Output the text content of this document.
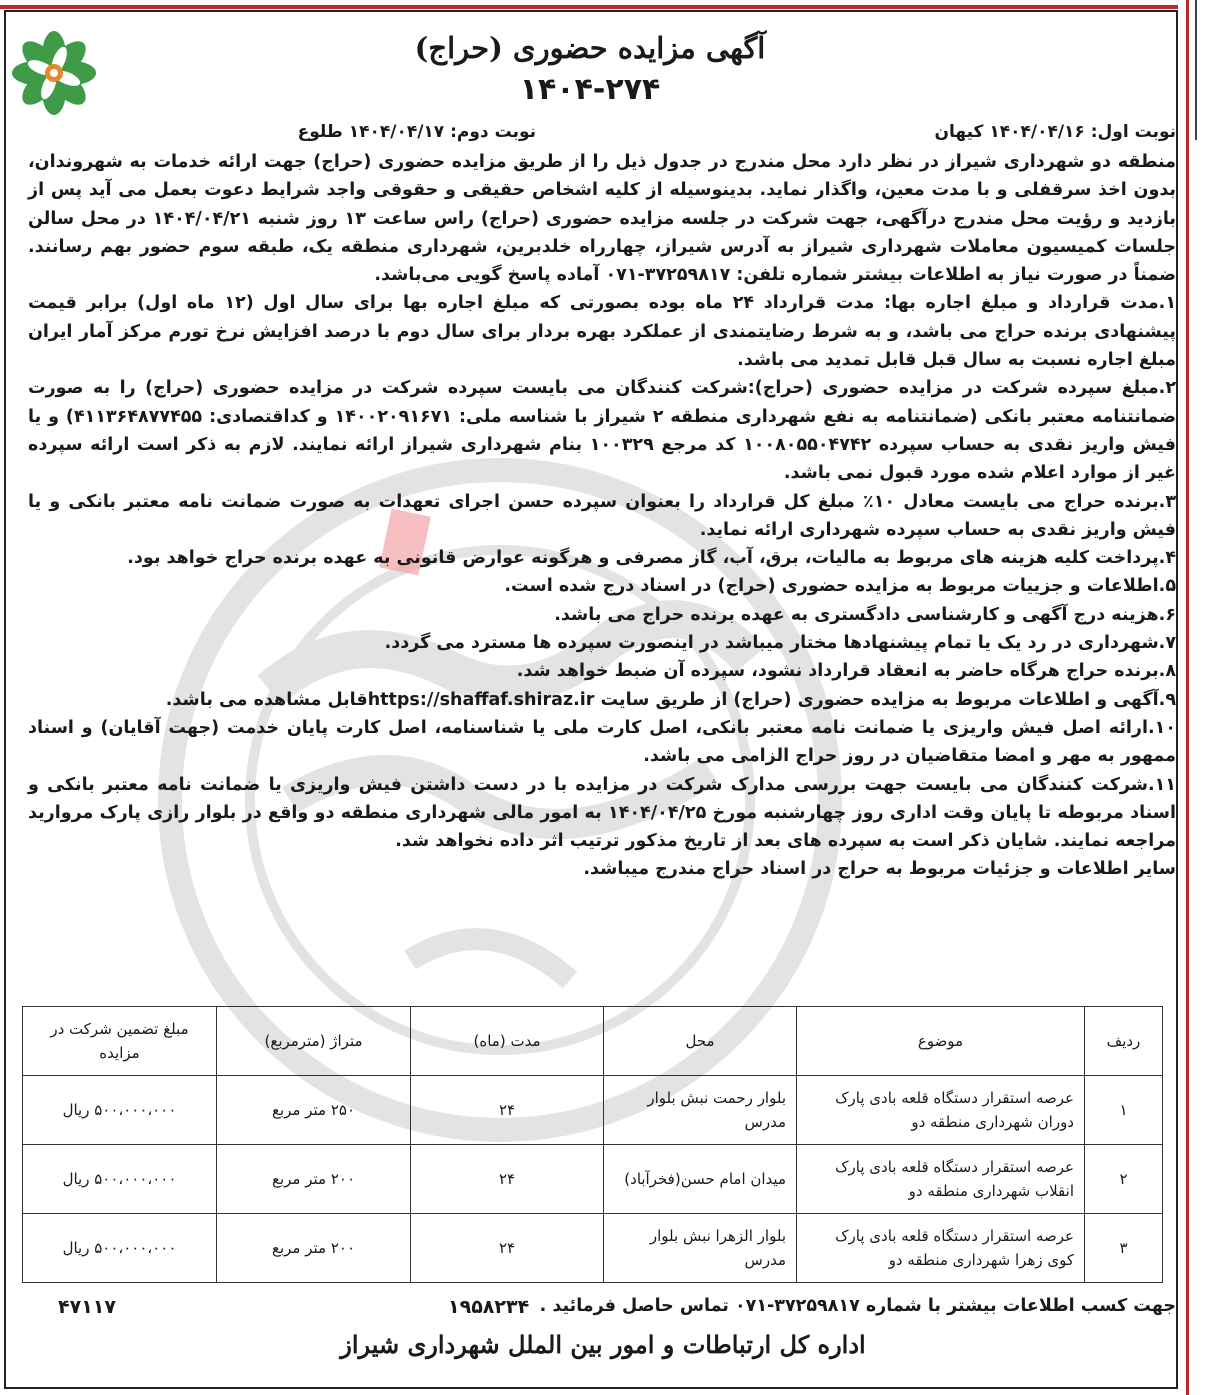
آگهی مزایده حضوری (حراج)
۱۴۰۴-۲۷۴
نوبت اول: ۱۴۰۴/۰۴/۱۶ کیهان
نوبت دوم: ۱۴۰۴/۰۴/۱۷ طلوع

منطقه دو شهرداری شیراز در نظر دارد محل مندرج در جدول ذیل را از طریق مزایده حضوری (حراج) جهت ارائه خدمات به شهروندان، بدون اخذ سرقفلی و با مدت معین، واگذار نماید. بدینوسیله از کلیه اشخاص حقیقی و حقوقی واجد شرایط دعوت بعمل می آید پس از بازدید و رؤیت محل مندرج درآگهی، جهت شرکت در جلسه مزایده حضوری (حراج) راس ساعت ۱۳ روز شنبه ۱۴۰۴/۰۴/۲۱ در محل سالن جلسات کمیسیون معاملات شهرداری شیراز به آدرس شیراز، چهارراه خلدبرین، شهرداری منطقه یک، طبقه سوم حضور بهم رسانند. ضمناً در صورت نیاز به اطلاعات بیشتر شماره تلفن: ۳۷۲۵۹۸۱۷-۰۷۱ آماده پاسخ گویی می‌باشد.

۱.مدت قرارداد و مبلغ اجاره بها: مدت قرارداد ۲۴ ماه بوده بصورتی که مبلغ اجاره بها برای سال اول (۱۲ ماه اول) برابر قیمت پیشنهادی برنده حراج می باشد، و به شرط رضایتمندی از عملکرد بهره بردار برای سال دوم با درصد افزایش نرخ تورم مرکز آمار ایران مبلغ اجاره نسبت به سال قبل قابل تمدید می باشد.

۲.مبلغ سپرده شرکت در مزایده حضوری (حراج):شرکت کنندگان می بایست سپرده شرکت در مزایده حضوری (حراج) را به صورت ضمانتنامه معتبر بانکی (ضمانتنامه به نفع شهرداری منطقه ۲ شیراز با شناسه ملی: ۱۴۰۰۲۰۹۱۶۷۱ و کداقتصادی: ۴۱۱۳۶۴۸۷۷۴۵۵) و یا فیش واریز نقدی به حساب سپرده ۱۰۰۸۰۵۵۰۴۷۴۲ کد مرجع ۱۰۰۳۲۹ بنام شهرداری شیراز ارائه نمایند. لازم به ذکر است ارائه سپرده غیر از موارد اعلام شده مورد قبول نمی باشد.

۳.برنده حراج می بایست معادل ۱۰٪ مبلغ کل قرارداد را بعنوان سپرده حسن اجرای تعهدات به صورت ضمانت نامه معتبر بانکی و یا فیش واریز نقدی به حساب سپرده شهرداری ارائه نماید.

۴.پرداخت کلیه هزینه های مربوط به مالیات، برق، آب، گاز مصرفی و هرگونه عوارض قانونی به عهده برنده حراج خواهد بود.

۵.اطلاعات و جزییات مربوط به مزایده حضوری (حراج) در اسناد درج شده است.

۶.هزینه درج آگهی و کارشناسی دادگستری به عهده برنده حراج می باشد.

۷.شهرداری در رد یک یا تمام پیشنهادها مختار میباشد در اینصورت سپرده ها مسترد می گردد.

۸.برنده حراج هرگاه حاضر به انعقاد قرارداد نشود، سپرده آن ضبط خواهد شد.

۹.آگهی و اطلاعات مربوط به مزایده حضوری (حراج) از طریق سایت https://shaffaf.shiraz.irقابل مشاهده می باشد.

۱۰.ارائه اصل فیش واریزی یا ضمانت نامه معتبر بانکی، اصل کارت ملی یا شناسنامه، اصل کارت پایان خدمت (جهت آقایان) و اسناد ممهور به مهر و امضا متقاضیان در روز حراج الزامی می باشد.

۱۱.شرکت کنندگان می بایست جهت بررسی مدارک شرکت در مزایده با در دست داشتن فیش واریزی یا ضمانت نامه معتبر بانکی و اسناد مربوطه تا پایان وقت اداری روز چهارشنبه مورخ ۱۴۰۴/۰۴/۲۵ به امور مالی شهرداری منطقه دو واقع در بلوار رازی پارک مروارید مراجعه نمایند. شایان ذکر است به سپرده های بعد از تاریخ مذکور ترتیب اثر داده نخواهد شد.

سایر اطلاعات و جزئیات مربوط به حراج در اسناد حراج مندرج میباشد.

ردیف	موضوع	محل	مدت (ماه)	متراژ (مترمربع)	مبلغ تضمین شرکت در مزایده
۱	عرصه استقرار دستگاه قلعه بادی پارک دوران شهرداری منطقه دو	بلوار رحمت نبش بلوار مدرس	۲۴	۲۵۰ متر مربع	۵۰۰،۰۰۰،۰۰۰ ریال
۲	عرصه استقرار دستگاه قلعه بادی پارک انقلاب شهرداری منطقه دو	میدان امام حسن(فخرآباد)	۲۴	۲۰۰ متر مربع	۵۰۰،۰۰۰،۰۰۰ ریال
۳	عرصه استقرار دستگاه قلعه بادی پارک کوی زهرا شهرداری منطقه دو	بلوار الزهرا نبش بلوار مدرس	۲۴	۲۰۰ متر مربع	۵۰۰،۰۰۰،۰۰۰ ریال
جهت کسب اطلاعات بیشتر با شماره ۳۷۲۵۹۸۱۷-۰۷۱ تماس حاصل فرمائید .
۱۹۵۸۲۳۴
۴۷۱۱۷
اداره کل ارتباطات و امور بین الملل شهرداری شیراز
